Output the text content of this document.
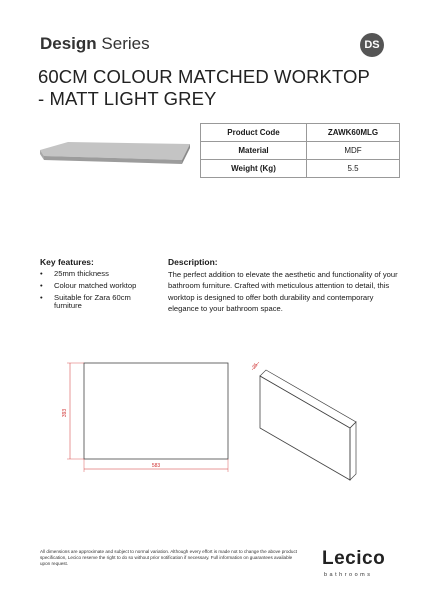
Design Series	DS
60CM COLOUR MATCHED WORKTOP - MATT LIGHT GREY
Product Code	ZAWK60MLG
Material	MDF
Weight (Kg)	5.5
Key features:
• 25mm thickness
• Colour matched worktop
• Suitable for Zara 60cm furniture
Description:
The perfect addition to elevate the aesthetic and functionality of your bathroom furniture. Crafted with meticulous attention to detail, this worktop is designed to offer both durability and contemporary elegance to your bathroom space.
393
583
25
All dimensions are approximate and subject to normal variation. Although every effort is made not to change the above product specification, Lecico reserve the right to do so without prior notification if necessary. Full information on guarantees available upon request.	Lecico
bathrooms
